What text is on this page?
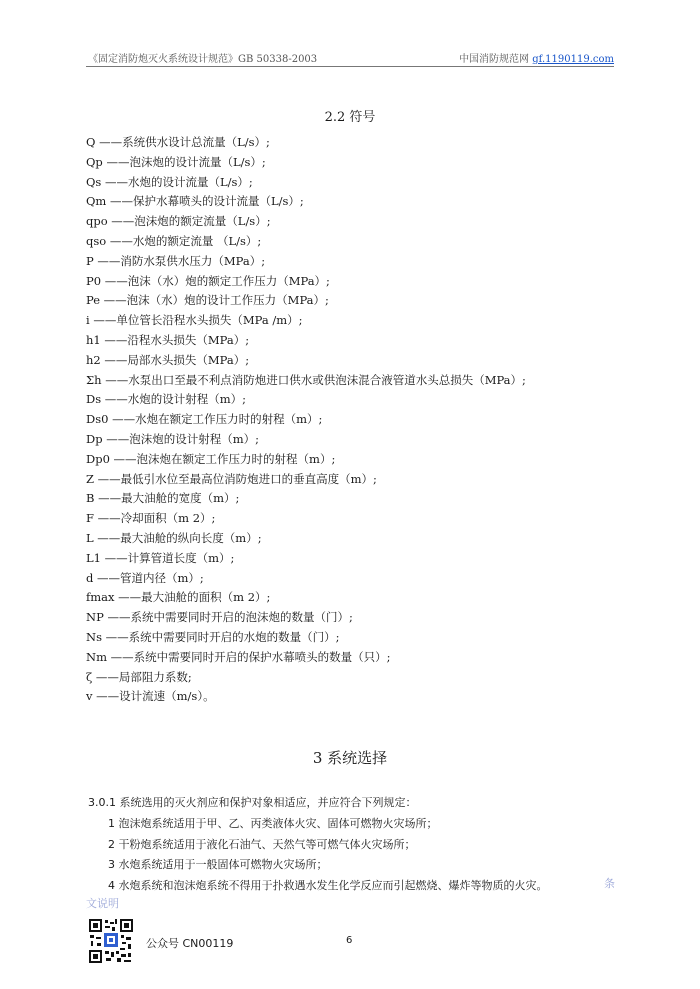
《固定消防炮灭火系统设计规范》GB 50338-2003	中国消防规范网 gf.1190119.com
2.2 符号
Q ——系统供水设计总流量（L/s）;
Qp ——泡沫炮的设计流量（L/s）;
Qs ——水炮的设计流量（L/s）;
Qm ——保护水幕喷头的设计流量（L/s）;
qpo ——泡沫炮的额定流量（L/s）;
qso ——水炮的额定流量 （L/s）;
P ——消防水泵供水压力（MPa）;
P0 ——泡沫（水）炮的额定工作压力（MPa）;
Pe ——泡沫（水）炮的设计工作压力（MPa）;
i ——单位管长沿程水头损失（MPa /m）;
h1 ——沿程水头损失（MPa）;
h2 ——局部水头损失（MPa）;
Σh ——水泵出口至最不利点消防炮进口供水或供泡沫混合液管道水头总损失（MPa）;
Ds ——水炮的设计射程（m）;
Ds0 ——水炮在额定工作压力时的射程（m）;
Dp ——泡沫炮的设计射程（m）;
Dp0 ——泡沫炮在额定工作压力时的射程（m）;
Z ——最低引水位至最高位消防炮进口的垂直高度（m）;
B ——最大油舱的宽度（m）;
F ——冷却面积（m 2）;
L ——最大油舱的纵向长度（m）;
L1 ——计算管道长度（m）;
d ——管道内径（m）;
fmax ——最大油舱的面积（m 2）;
NP ——系统中需要同时开启的泡沫炮的数量（门）;
Ns ——系统中需要同时开启的水炮的数量（门）;
Nm ——系统中需要同时开启的保护水幕喷头的数量（只）;
ζ ——局部阻力系数;
v ——设计流速（m/s）。
3 系统选择
3.0.1 系统选用的灭火剂应和保护对象相适应，并应符合下列规定：
1 泡沫炮系统适用于甲、乙、丙类液体火灾、固体可燃物火灾场所；
2 干粉炮系统适用于液化石油气、天然气等可燃气体火灾场所；
3 水炮系统适用于一般固体可燃物火灾场所；
4 水炮系统和泡沫炮系统不得用于扑救遇水发生化学反应而引起燃烧、爆炸等物质的火灾。	条
文说明
公众号 CN00119	6
